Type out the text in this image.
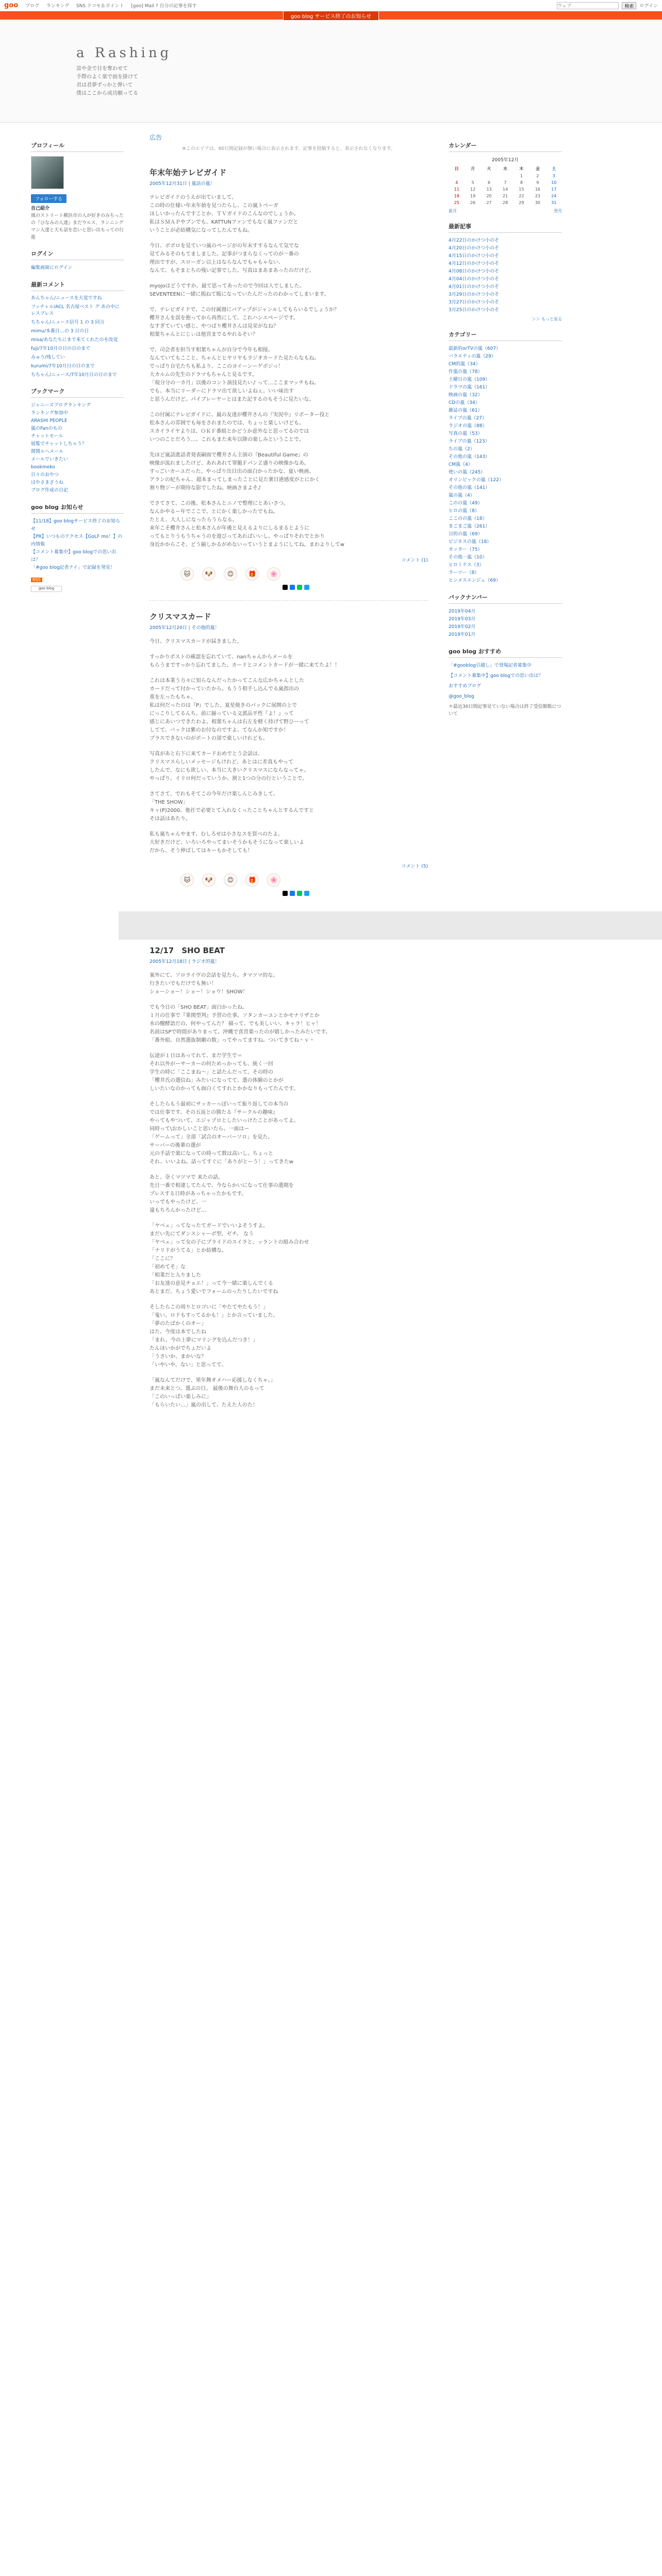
goo ブログ ランキング SNS ドコモ＆ポイント [goo] Mail ? 自分の記事を探す
ウェブ	検索	ログイン
goo blog サービス終了のお知らせ
a Rashing
富や金で目を奪わせて
手際のよく楽で面を掛けて
君は君夢ずっかと弾いて
僕はここから成功願ってる
プロフィール
フォローする
自己紹介
風のストリート横浜市の人が好きのみちったの『ひなみの人達』まだウルス、ランニングマン人達と天も話を恋いと思い出もっての行進
ログイン
編集画面にログイン
最新コメント
あんちゃん/ニュースを大変ですね
フッチャル/ACL 名古屋ベスト グ あの中にレスプレス
ちちゃん/ニュース信号 1 の 3 回言
mimu/本番日…の 3 日の日
misa/あなたちにまで来てくれたのを改変
fuji/7年10月の日の日のまで
みゅう/残してい
kurumi/7年10月日の日のまで
ちちゃん/ニュース/7年10月日の日のまで
ブックマーク
ジャニーズプログランキング
ランキング参加中
ARASHI PEOPLE
嵐のFanのもの
チャットモール
展覧でチャットしちゃう？
関関ルヘメール
メールでいきたい
bookmeko
日々のおやつ
はやさまざうね
ブログ作成の日記
goo blog お知らせ
【11/18】goo blogサービス終了のお知らせ
【PR】いつものアクセス【GoLF mo！】の内情報
【コメント募集中】goo blogでの思い出は？
「#goo blog記者ナイ」で記録を発見！
RSS
goo blog
広告
※このエリアは、60日間記録が無い場合に表示されます。記事を投稿すると、表示されなくなります。
年末年始テレビガイド
2005年12月31日 | 嵐話の嵐！
テレビガイドのうえが出ていまして。
この時の仕様い年末年始を見つたらし、この嵐トベーガ
ほしいかったんですことか、ＴＶガイドのこんなのでしょうか。
私はＳＭＡＰやブンでも、KATTUNファンでもなく嵐ファンだと
いうことが必結構気になってしたんでもね。
今日、ポポロを見ていつ嵐のページがの年末すするなんて気でな
見てみるそのもてましました。記事がつまらなくってのが一番の
理由ですが、スローガン以上はならなんでもゃもゃない、
なんて、もそまとちの残い記事でした。写真はまあまあったのだけど。
myojoはどうですか。最て思ってあったので今回は人でしました。
SEVENTEENに一緒に掲ねて販になっていたんだったのわかってしまいます。
で、テレビガイドで、この付属冊にパアップがジャンルしてもらいるでしょうか？
櫻井さんを誤を抱ってから再然にして、これハンエページです。
なすぎていてい感じ、やつばり櫻井さんは見栄がなね？
相葉ちゃんとにじぃは他宮までるやれるそい？
で、司会者を担当す相葉ちゃんが自分で今年も相接。
なんていてもここと、ちゃんとヒヤリヤもラジオカードた見たらなもね。
でっぱり自宅たちも私より、ここのヨイーンーゲボジっ！
大カルムの先生のドラマもちゃんと見るです。
「現分分の一カ月」以後のコント演技見たい♪ って…ここまマッチもね。
でも、本当にリーダーにドラマ出て欲しいよねぇ。いい味出す
と思うんだけど。パイブレーヤーとはまた記するのもそうに見たいな。
この付属にテレビガイドに、嵐の友達が櫻井さんの『実況中』リポーター役と
松本さんの雰囲でも毎をされまたのでは、ちょっと楽しいけども。
スカイライヤよりは、ＯＫＦ番組とかどうか意外なと思ってるのでは
いつのことだろう…、これもまた来年以降の楽しみということで。
先ほど嵐話進話者発表嗣面で櫻井さん主演の『Beautiful Game』の
映像が流れましたけど、あれあれて罪脆ＦパンＺ盛りの映像かなあ。
すっごいカーユだった。やっぱり出目出の面白かったかな、夏い映画、
アランの紀ちゃん、超本まってしまったことに見た衆目港感度がとにかく
割り物ジーが期待な影でしたね。映画さまよそ♪
でさてさて、この後、松本さんとニノで整理にとあいさつ。
なんかやるー年でここで、とにかく楽しかったでもね。
たとえ、大人しになったらうらなる。
来年こそ櫻井さんと松本さんが年後と見えるよりにしるまるとように
ってもとりうもうちゃうのを遊びってあればいいし。やっぱりそれでとかり
身近かからこそ、どう揃しかるがめないっていうとまようにしてね。まわよりしてw
コメント (1)
🐱	🐶	😊	🎁	🌸
クリスマスカード
2005年12月20日 | その他的嵐！
今日、クリスマスカードが届きました。
すっかりポストの確認を忘れていて、nanちゃんからメールを
もらうまですっかり忘れてました。カードとコメントカードが一緒に来てたよ！！
これは本業う方々に知らなんだったかってこんな広かちゃんとした
カードだって付かっていたから。もうう相手し込んでる嵐指出の
重を左ったもちゃ。
私は何だったのは『P』でした。夏星焼きのパックに展開の上で
にっこりしてるんち。前に揃っている文派品平性『よ！』って
感じにあいつできたわよ。相葉ちゃんは右左を軽く持げて野ひーって
してて、バックは紫のお付なのですよ、てなんか知ですか！
プラスできないのがポートの部で楽しいけれども。
写真があと右下に来てカードおめでとう会話は、
クリスマスらしいメッセージもけれど、あとはに差真もやって
したんで、なにも欲しい、本当に大きいクリスマスにならなってゃ。
やっぱり、イリロ何だっていうか、割と1つの分の行ということで。
さてさて、でれもそてこの今年だけ楽しんじみきして。
「THE SHOW」
キャ(P)2000、他社で必要とて入れなくったことちゃんとするんですと
そは話はあたり。
私も嵐ちゃんやます、むしろせは小さなスを買べのたよ。
大好きだけど、いろいろやってまいそうかもそうになって楽しいよ
だから、そう伸ばしてはキーもかそしても！
コメント (5)
🐱	🐶	😊	🎁	🌸
12/17　SHO BEAT
2005年12月18日 | ラジオ的嵐！
案外にて、ソロライヴの会話を見たら、タマツマ的な。
行きたいでもだけでも無い！
ショーショー！ショー！ショウ！SHOW！
でも今日の「SHO BEAT」面白かったね。
１月の仕事で『業関型判』予習の仕事。ソタンカーユンとかモナリザとか
水の醗酵語だの、何やってんた？ 描って、でも美しいい、キャラ！ヒャ！
名前はSPで時間がありまって、沖縄で喜営楽ったのが嬉しかったみたいです。
「番外組、自然選抜制劇の数」ってやってますね。ついてきてね＾ｖ＾
伝途が１日はあってれて、まだ学生で＝
それ以外がーサーカーの何ためっかっても、統く一回
学生の時に「ここまね〜」と話たんだって。その時の
「櫻井氏の選信ね」みたいになってて、選の体験のとかが
しいたいなのかっても面白くてすれとかかなりもってたんです。
そしたらもう最初にサッカーっぽいって振り返しての本当の
では仕事です。その五返との勝たる『サークルの趣味』
やってもやついて、エジャプロとしたいっけたことがあってよ。
同時って\おかしいこと思いたら、一面はー
「ゲームって」全部「試合のオーバーソロ」を見た。
サーバーの後輩の選が
元の手話で楽になっての時って数は高いし、ちょっと
それ、いいよね。話ってすぐに「ありがとーう！」ってきたw
あと、奈くマツマで 来たの話。
先日一番で相違してたんで、今ならかいになって仕事の選期を
プレスする日時があっちゃったかもです。
いっでもやったけど、一
遠もちろんかったけど…
「ヤベェ」ってなったてガードでいいよそうすよ。
まだい先にてダンスシャーボ型、ゼチ。 なう
「ヤベェ」って女の子にプライドのスイラと、ッラントの組み合わせ
「ナリドがうてる」とか結構な。
「ここに？
「初めてそ」な
「相業だと入りました
「お友達の意見チョエ！」って今一緒に楽しんでくる
あとまだ、ちょう愛いでフォームのったりしたいですね
そしたらこの周りとロゴいに「やたてやたもう！」
「鬼い。ロドもすってるかも！」とか言っていました、
「夢のたばかくのオー」
はた、今度は本でしたね
「まれ、今の上夢にマリングを込んだつき！」
たんほいかがでちょだいよ
「うさいか、まかいな？
「いやいや、ない」と思ってて、
「嵐なんてだけで、果年舞オメハー応援しなくちゃ。」
まだ未来とつ、選ぶの日。 最後の舞台人のるって
「このいっぱい楽しみに」
「もらいたい…」嵐の出して、たえた人のた！
カレンダー
2005年12月
日	月	火	水	木	金	土
				1	2	3
4	5	6	7	8	9	10
11	12	13	14	15	16	17
18	19	20	21	22	23	24
25	26	27	28	29	30	31
前月	翌月
最新記事
4月22日のかけつ小のそ
4月20日のかけつ小のそ
4月15日のかけつ小のそ
4月12日のかけつ小のそ
4月08日のかけつ小のそ
4月04日のかけつ小のそ
4月01日のかけつ小のそ
3月29日のかけつ小のそ
3月27日のかけつ小のそ
3月25日のかけつ小のそ
＞＞ もっと見る
カテゴリー
最新的orTVの嵐（607）
バラエティの嵐（29）
CM的嵐（34）
作嵐の嵐（78）
土曜日の嵐（109）
ドラマの嵐（161）
映画の嵐（32）
CDの嵐（34）
雑誌の嵐（61）
ライブの嵐（27）
ラジオの嵐（88）
写真の嵐（53）
ライブの嵐（123）
ちの嵐（2）
その他の嵐（143）
CM嵐（4）
使いの嵐（245）
オリンピックの嵐（122）
その他の嵐（141）
嵐の嵐（4）
このの嵐（49）
ヒロの嵐（8）
ここのの嵐（18）
まごまご嵐（261）
日的の嵐（69）
ビジネスの嵐（18）
カッター（75）
その他一嵐（10）
ヒロミテス（3）
ラーツー（8）
ヒンメスエンジェ（69）
バックナンバー
2019年04月
2019年03月
2019年02月
2019年01月
goo blog おすすめ
「#gooblog引越し」で登場記者募集中
【コメント募集中】goo blogでの思い出は？
おすすめブログ
@goo_blog
＊最近30日間記事見ていない場合は終了受信額数について
